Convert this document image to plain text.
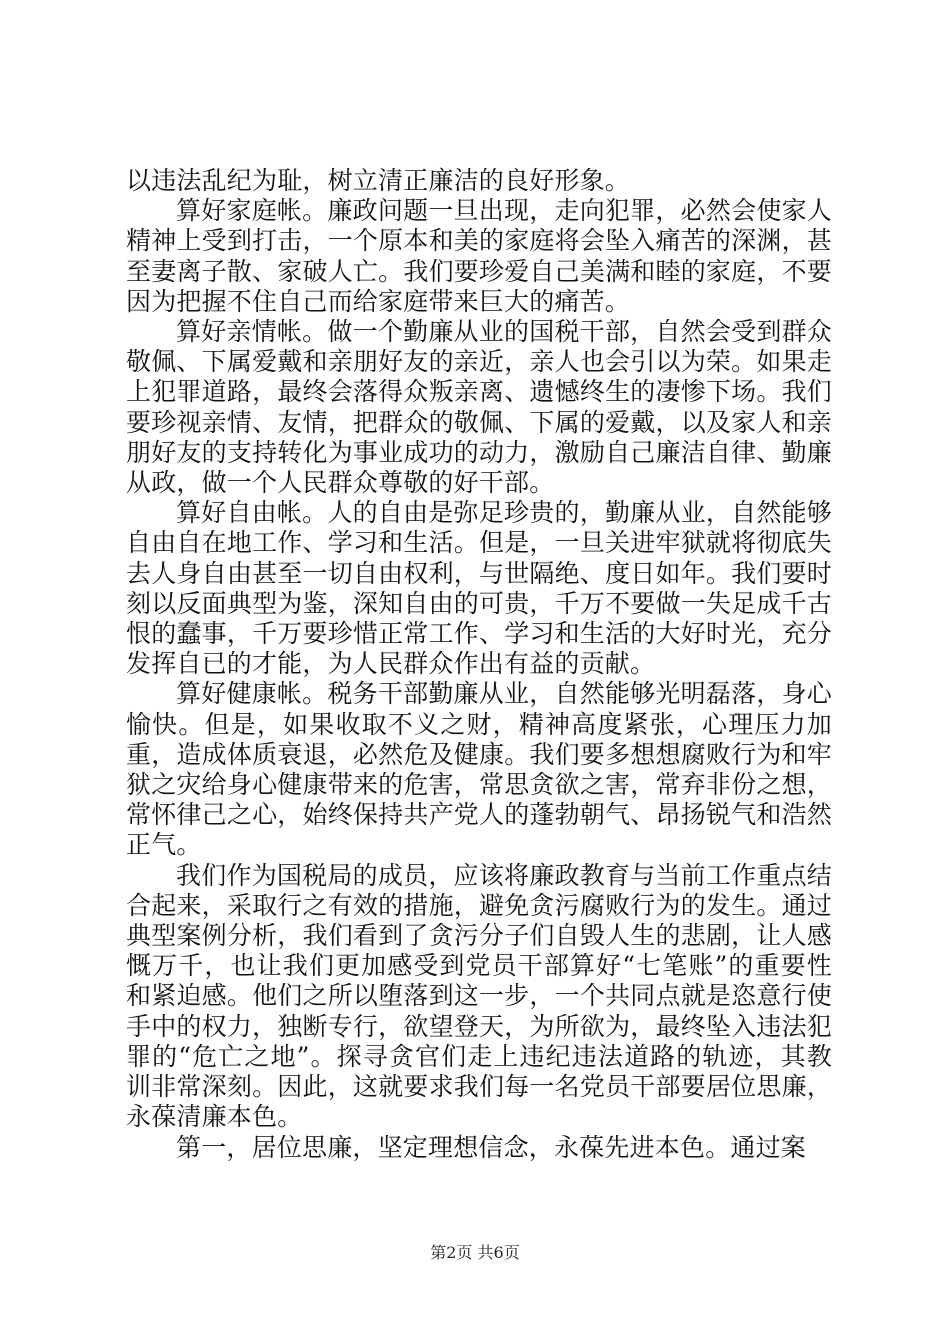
以违法乱纪为耻，树立清正廉洁的良好形象。

算好家庭帐。廉政问题一旦出现，走向犯罪，必然会使家人精神上受到打击，一个原本和美的家庭将会坠入痛苦的深渊，甚至妻离子散、家破人亡。我们要珍爱自己美满和睦的家庭，不要因为把握不住自己而给家庭带来巨大的痛苦。

算好亲情帐。做一个勤廉从业的国税干部，自然会受到群众敬佩、下属爱戴和亲朋好友的亲近，亲人也会引以为荣。如果走上犯罪道路，最终会落得众叛亲离、遗憾终生的凄惨下场。我们要珍视亲情、友情，把群众的敬佩、下属的爱戴，以及家人和亲朋好友的支持转化为事业成功的动力，激励自己廉洁自律、勤廉从政，做一个人民群众尊敬的好干部。

算好自由帐。人的自由是弥足珍贵的，勤廉从业，自然能够自由自在地工作、学习和生活。但是，一旦关进牢狱就将彻底失去人身自由甚至一切自由权利，与世隔绝、度日如年。我们要时刻以反面典型为鉴，深知自由的可贵，千万不要做一失足成千古恨的蠢事，千万要珍惜正常工作、学习和生活的大好时光，充分发挥自已的才能，为人民群众作出有益的贡献。

算好健康帐。税务干部勤廉从业，自然能够光明磊落，身心愉快。但是，如果收取不义之财，精神高度紧张，心理压力加重，造成体质衰退，必然危及健康。我们要多想想腐败行为和牢狱之灾给身心健康带来的危害，常思贪欲之害，常弃非份之想，常怀律己之心，始终保持共产党人的蓬勃朝气、昂扬锐气和浩然正气。

我们作为国税局的成员，应该将廉政教育与当前工作重点结合起来，采取行之有效的措施，避免贪污腐败行为的发生。通过典型案例分析，我们看到了贪污分子们自毁人生的悲剧，让人感慨万千，也让我们更加感受到党员干部算好“七笔账”的重要性和紧迫感。他们之所以堕落到这一步，一个共同点就是恣意行使手中的权力，独断专行，欲望登天，为所欲为，最终坠入违法犯罪的“危亡之地”。探寻贪官们走上违纪违法道路的轨迹，其教训非常深刻。因此，这就要求我们每一名党员干部要居位思廉，永葆清廉本色。

第一，居位思廉，坚定理想信念，永葆先进本色。通过案

第2页 共6页
